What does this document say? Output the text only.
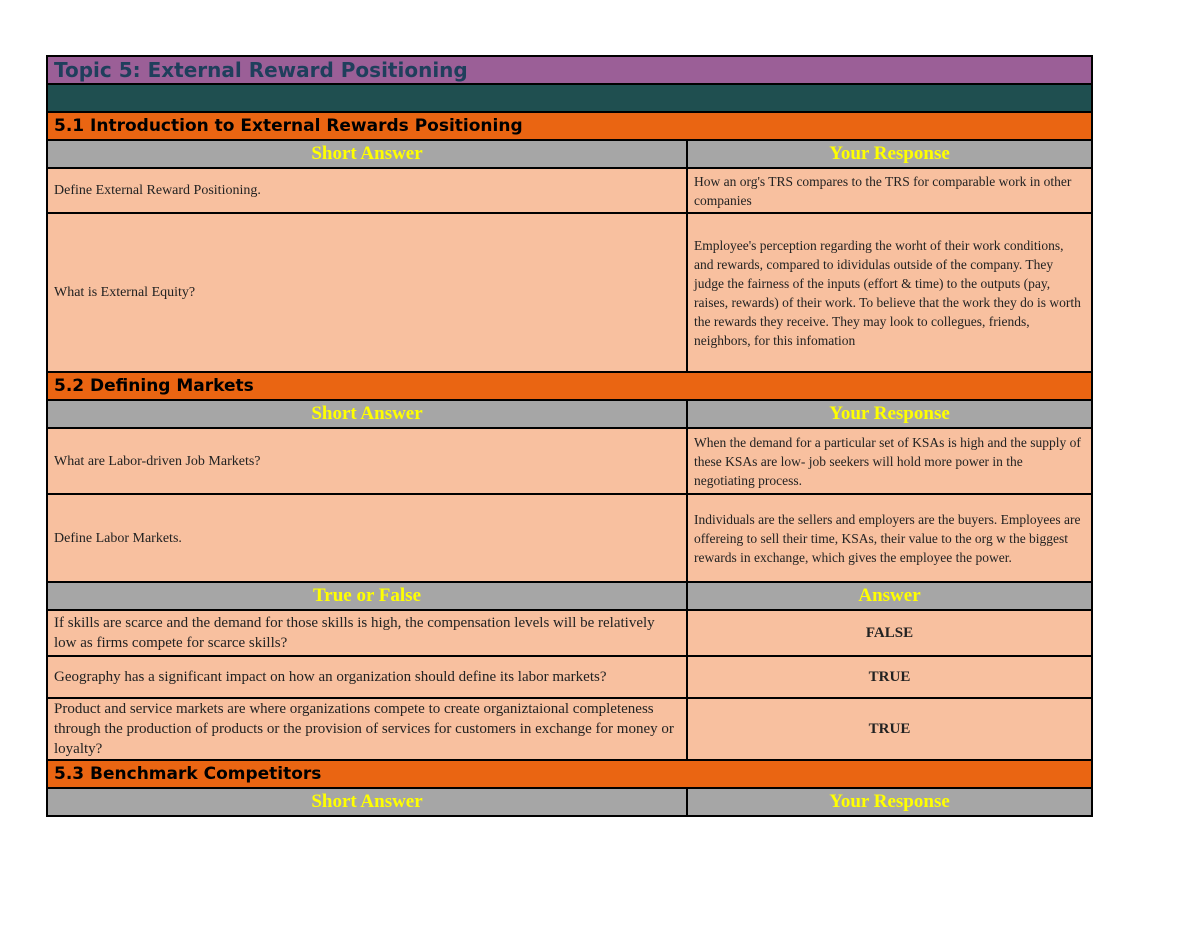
Topic 5: External Reward Positioning	

5.1 Introduction to External Rewards Positioning	
Short Answer	Your Response
Define External Reward Positioning.	How an org's TRS compares to the TRS for comparable work in other companies
What is External Equity?	Employee's perception regarding the worht of their work conditions, and rewards, compared to idividulas outside of the company. They judge the fairness of the inputs (effort & time) to the outputs (pay, raises, rewards) of their work. To believe that the work they do is worth the rewards they receive. They may look to collegues, friends, neighbors, for this infomation
5.2 Defining Markets	
Short Answer	Your Response
What are Labor-driven Job Markets?	When the demand for a particular set of KSAs is high and the supply of these KSAs are low- job seekers will hold more power in the negotiating process.
Define Labor Markets.	Individuals are the sellers and employers are the buyers. Employees are offereing to sell their time, KSAs, their value to the org w the biggest rewards in exchange, which gives the employee the power.
True or False	Answer
If skills are scarce and the demand for those skills is high, the compensation levels will be relatively low as firms compete for scarce skills?	FALSE
Geography has a significant impact on how an organization should define its labor markets?	TRUE
Product and service markets are where organizations compete to create organiztaional completeness through the production of products or the provision of services for customers in exchange for money or loyalty?	TRUE
5.3 Benchmark Competitors	
Short Answer	Your Response
